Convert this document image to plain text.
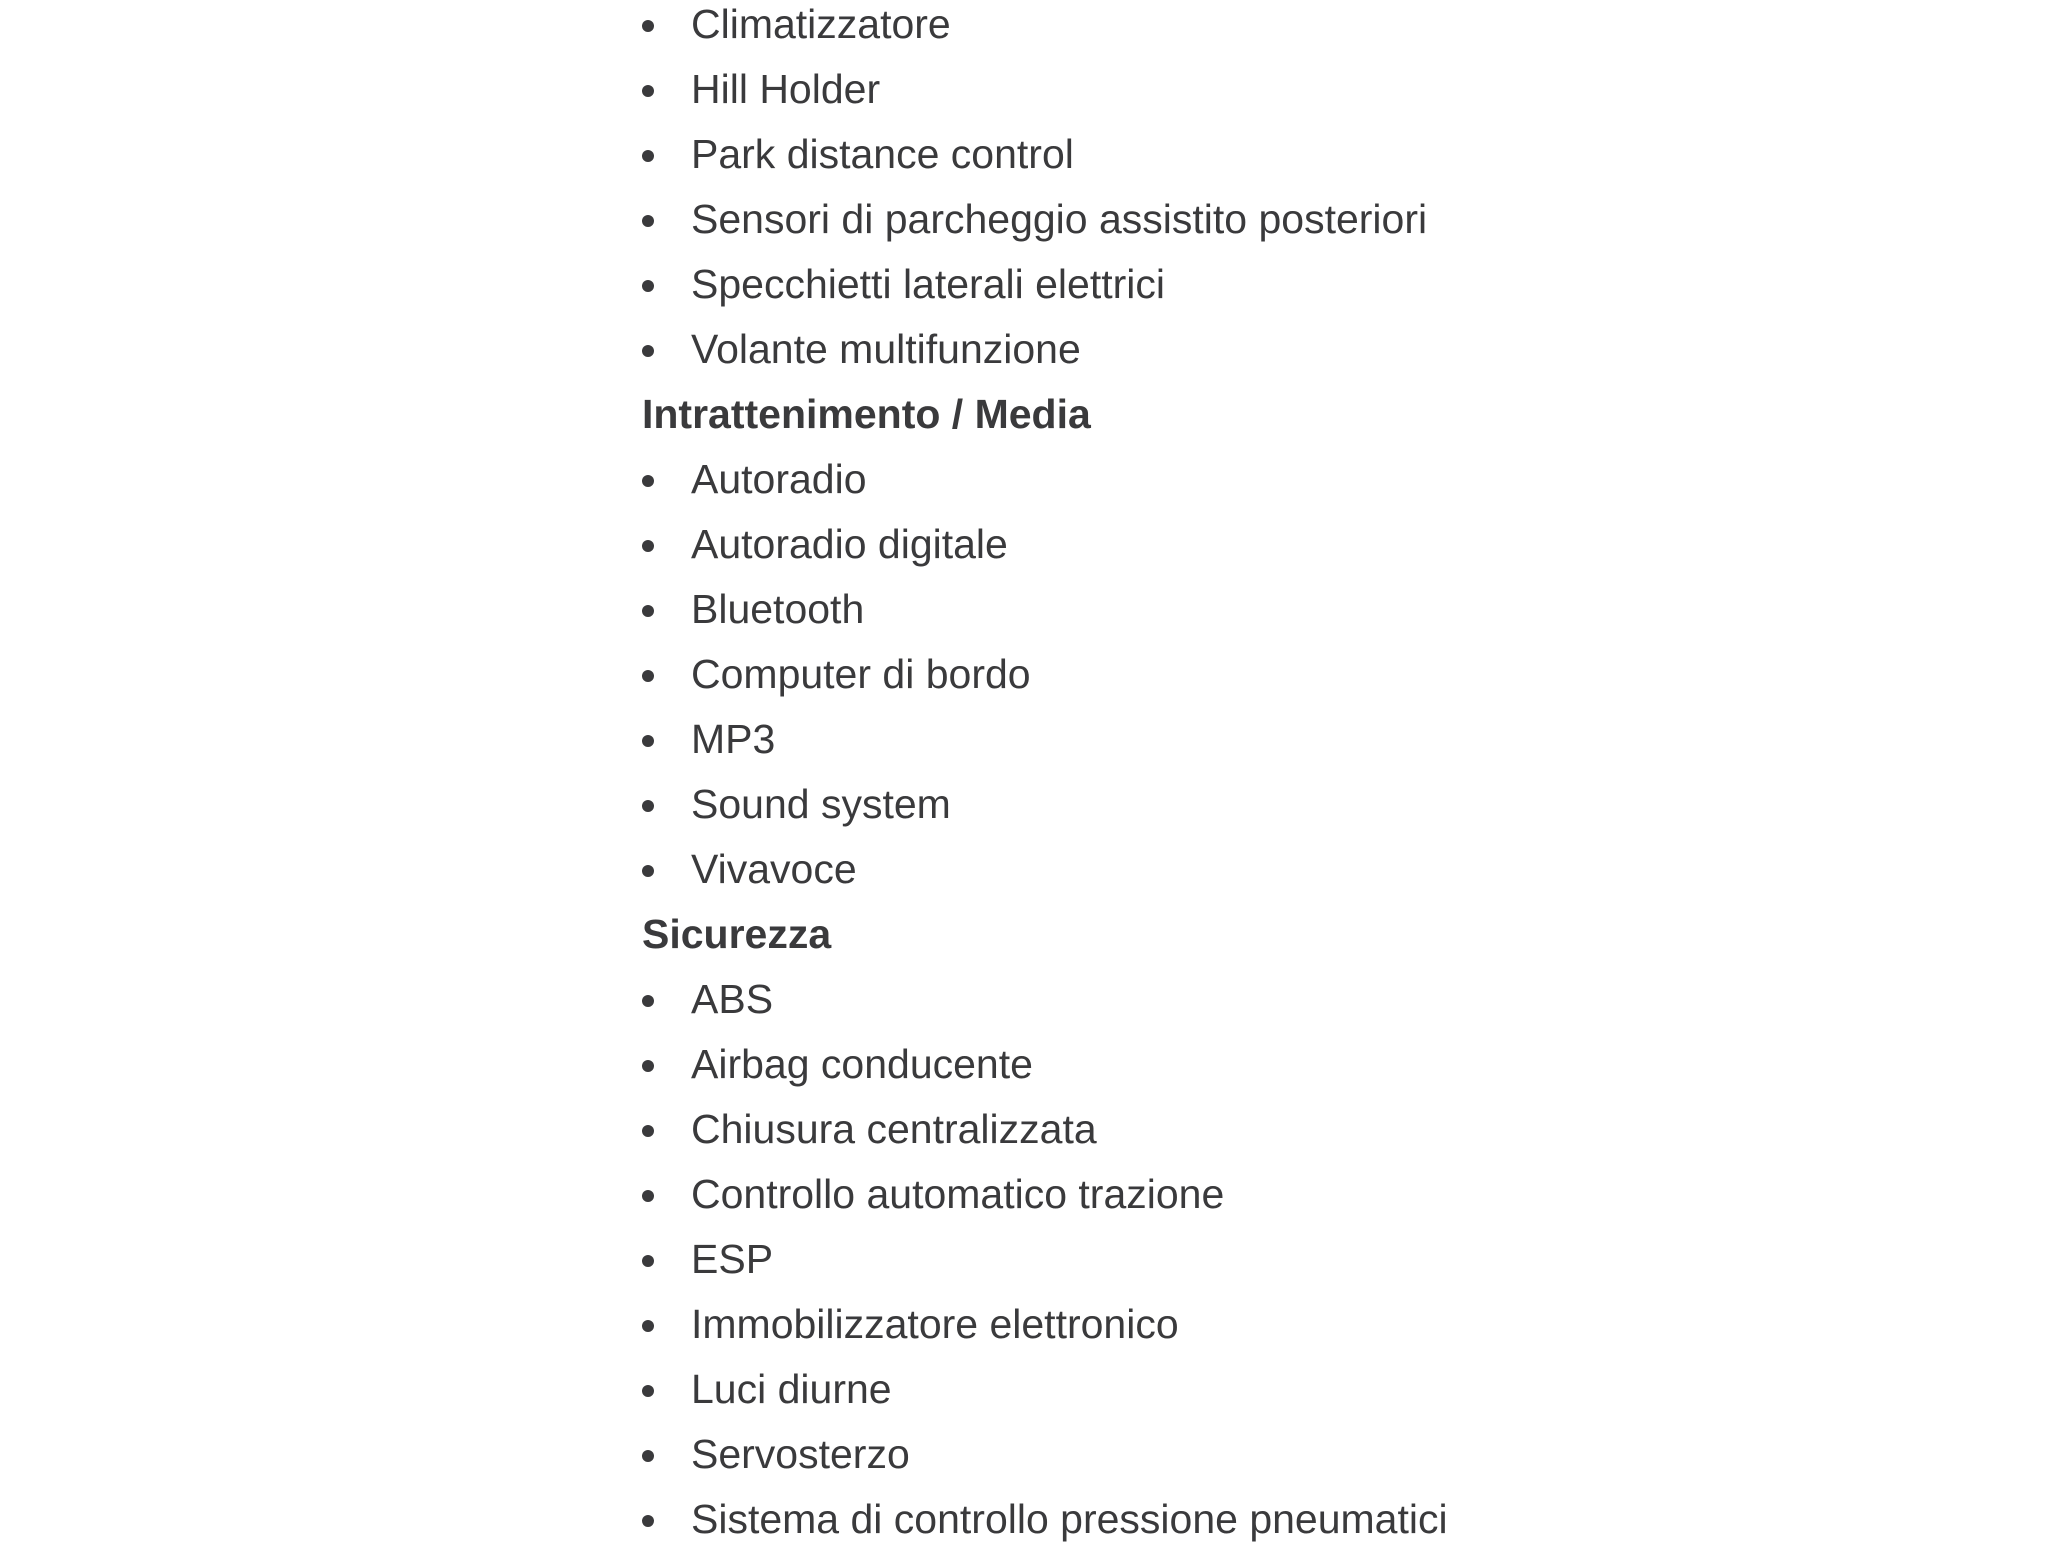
Climatizzatore
Hill Holder
Park distance control
Sensori di parcheggio assistito posteriori
Specchietti laterali elettrici
Volante multifunzione
Intrattenimento / Media
Autoradio
Autoradio digitale
Bluetooth
Computer di bordo
MP3
Sound system
Vivavoce
Sicurezza
ABS
Airbag conducente
Chiusura centralizzata
Controllo automatico trazione
ESP
Immobilizzatore elettronico
Luci diurne
Servosterzo
Sistema di controllo pressione pneumatici
